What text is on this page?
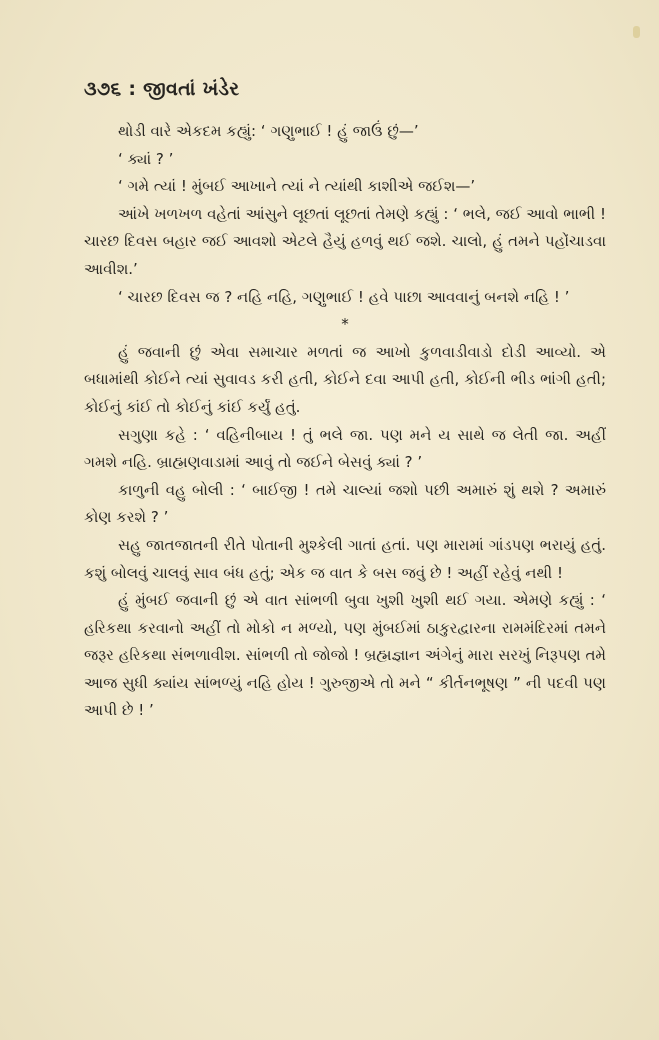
૩૭૬ : જીવતાં ખંડેર

થોડી વારે એકદમ કહ્યું: ‘ ગણુભાઈ ! હું જાઉં છું—’

‘ ક્યાં ? ’

‘ ગમે ત્યાં ! મુંબઈ આખાને ત્યાં ને ત્યાંથી કાશીએ જઈશ—’

આંખે ખળખળ વહેતાં આંસુને લૂછતાં લૂછતાં તેમણે કહ્યું : ‘ ભલે, જઈ આવો ભાભી ! ચારછ દિવસ બહાર જઈ આવશો એટલે હૈયું હળવું થઈ જશે. ચાલો, હું તમને પહોંચાડવા આવીશ.’

‘ ચારછ દિવસ જ ? નહિ નહિ, ગણુભાઈ ! હવે પાછા આવવાનું બનશે નહિ ! ’

*

હું જવાની છું એવા સમાચાર મળતાં જ આખો કુળવાડીવાડો દોડી આવ્યો. એ બધામાંથી કોઈને ત્યાં સુવાવડ કરી હતી, કોઈને દવા આપી હતી, કોઈની ભીડ ભાંગી હતી; કોઈનું કાંઈ તો કોઈનું કાંઈ કર્યું હતું.

સગુણા કહે : ‘ વહિનીબાય ! તું ભલે જા. પણ મને ય સાથે જ લેતી જા. અહીં ગમશે નહિ. બ્રાહ્મણવાડામાં આવું તો જઈને બેસવું ક્યાં ? ’

કાળુની વહુ બોલી : ‘ બાઈજી ! તમે ચાલ્યાં જશો પછી અમારું શું થશે ? અમારું કોણ કરશે ? ’

સહુ જાતજાતની રીતે પોતાની મુશ્કેલી ગાતાં હતાં. પણ મારામાં ગાંડપણ ભરાયું હતું. કશું બોલવું ચાલવું સાવ બંધ હતું; એક જ વાત કે બસ જવું છે ! અહીં રહેવું નથી !

હું મુંબઈ જવાની છું એ વાત સાંભળી બુવા ખુશી ખુશી થઈ ગયા. એમણે કહ્યું : ‘ હરિકથા કરવાનો અહીં તો મોકો ન મળ્યો, પણ મુંબઈમાં ઠાકુરદ્વારના રામમંદિરમાં તમને જરૂર હરિકથા સંભળાવીશ. સાંભળી તો જોજો ! બ્રહ્મજ્ઞાન અંગેનું મારા સરખું નિરૂપણ તમે આજ સુધી ક્યાંય સાંભળ્યું નહિ હોય ! ગુરુજીએ તો મને “ કીર્તનભૂષણ ” ની પદવી પણ આપી છે ! ’
